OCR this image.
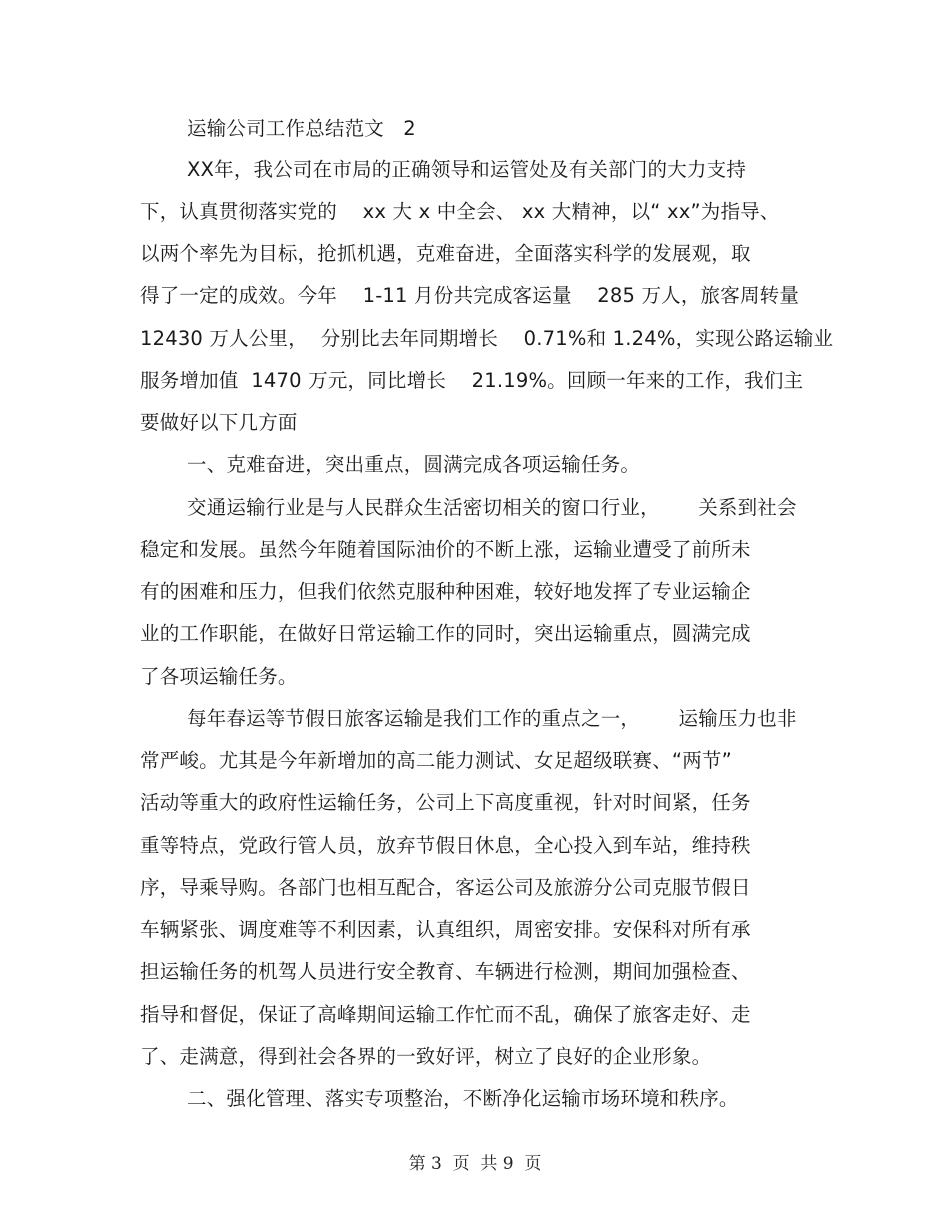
运输公司工作总结范文   2
XX年，我公司在市局的正确领导和运管处及有关部门的大力支持
下，认真贯彻落实党的    xx 大 x 中全会、 xx 大精神，以“ xx”为指导、
以两个率先为目标，抢抓机遇，克难奋进，全面落实科学的发展观，取
得了一定的成效。今年    1-11 月份共完成客运量    285 万人，旅客周转量
12430 万人公里，  分别比去年同期增长    0.71%和 1.24%，实现公路运输业
服务增加值  1470 万元，同比增长    21.19%。回顾一年来的工作，我们主
要做好以下几方面
一、克难奋进，突出重点，圆满完成各项运输任务。
交通运输行业是与人民群众生活密切相关的窗口行业，      关系到社会
稳定和发展。虽然今年随着国际油价的不断上涨，运输业遭受了前所未
有的困难和压力，但我们依然克服种种困难，较好地发挥了专业运输企
业的工作职能，在做好日常运输工作的同时，突出运输重点，圆满完成
了各项运输任务。
每年春运等节假日旅客运输是我们工作的重点之一，      运输压力也非
常严峻。尤其是今年新增加的高二能力测试、女足超级联赛、“两节”
活动等重大的政府性运输任务，公司上下高度重视，针对时间紧，任务
重等特点，党政行管人员，放弃节假日休息，全心投入到车站，维持秩
序，导乘导购。各部门也相互配合，客运公司及旅游分公司克服节假日
车辆紧张、调度难等不利因素，认真组织，周密安排。安保科对所有承
担运输任务的机驾人员进行安全教育、车辆进行检测，期间加强检查、
指导和督促，保证了高峰期间运输工作忙而不乱，确保了旅客走好、走
了、走满意，得到社会各界的一致好评，树立了良好的企业形象。
二、强化管理、落实专项整治，不断净化运输市场环境和秩序。
第 3  页  共 9  页
